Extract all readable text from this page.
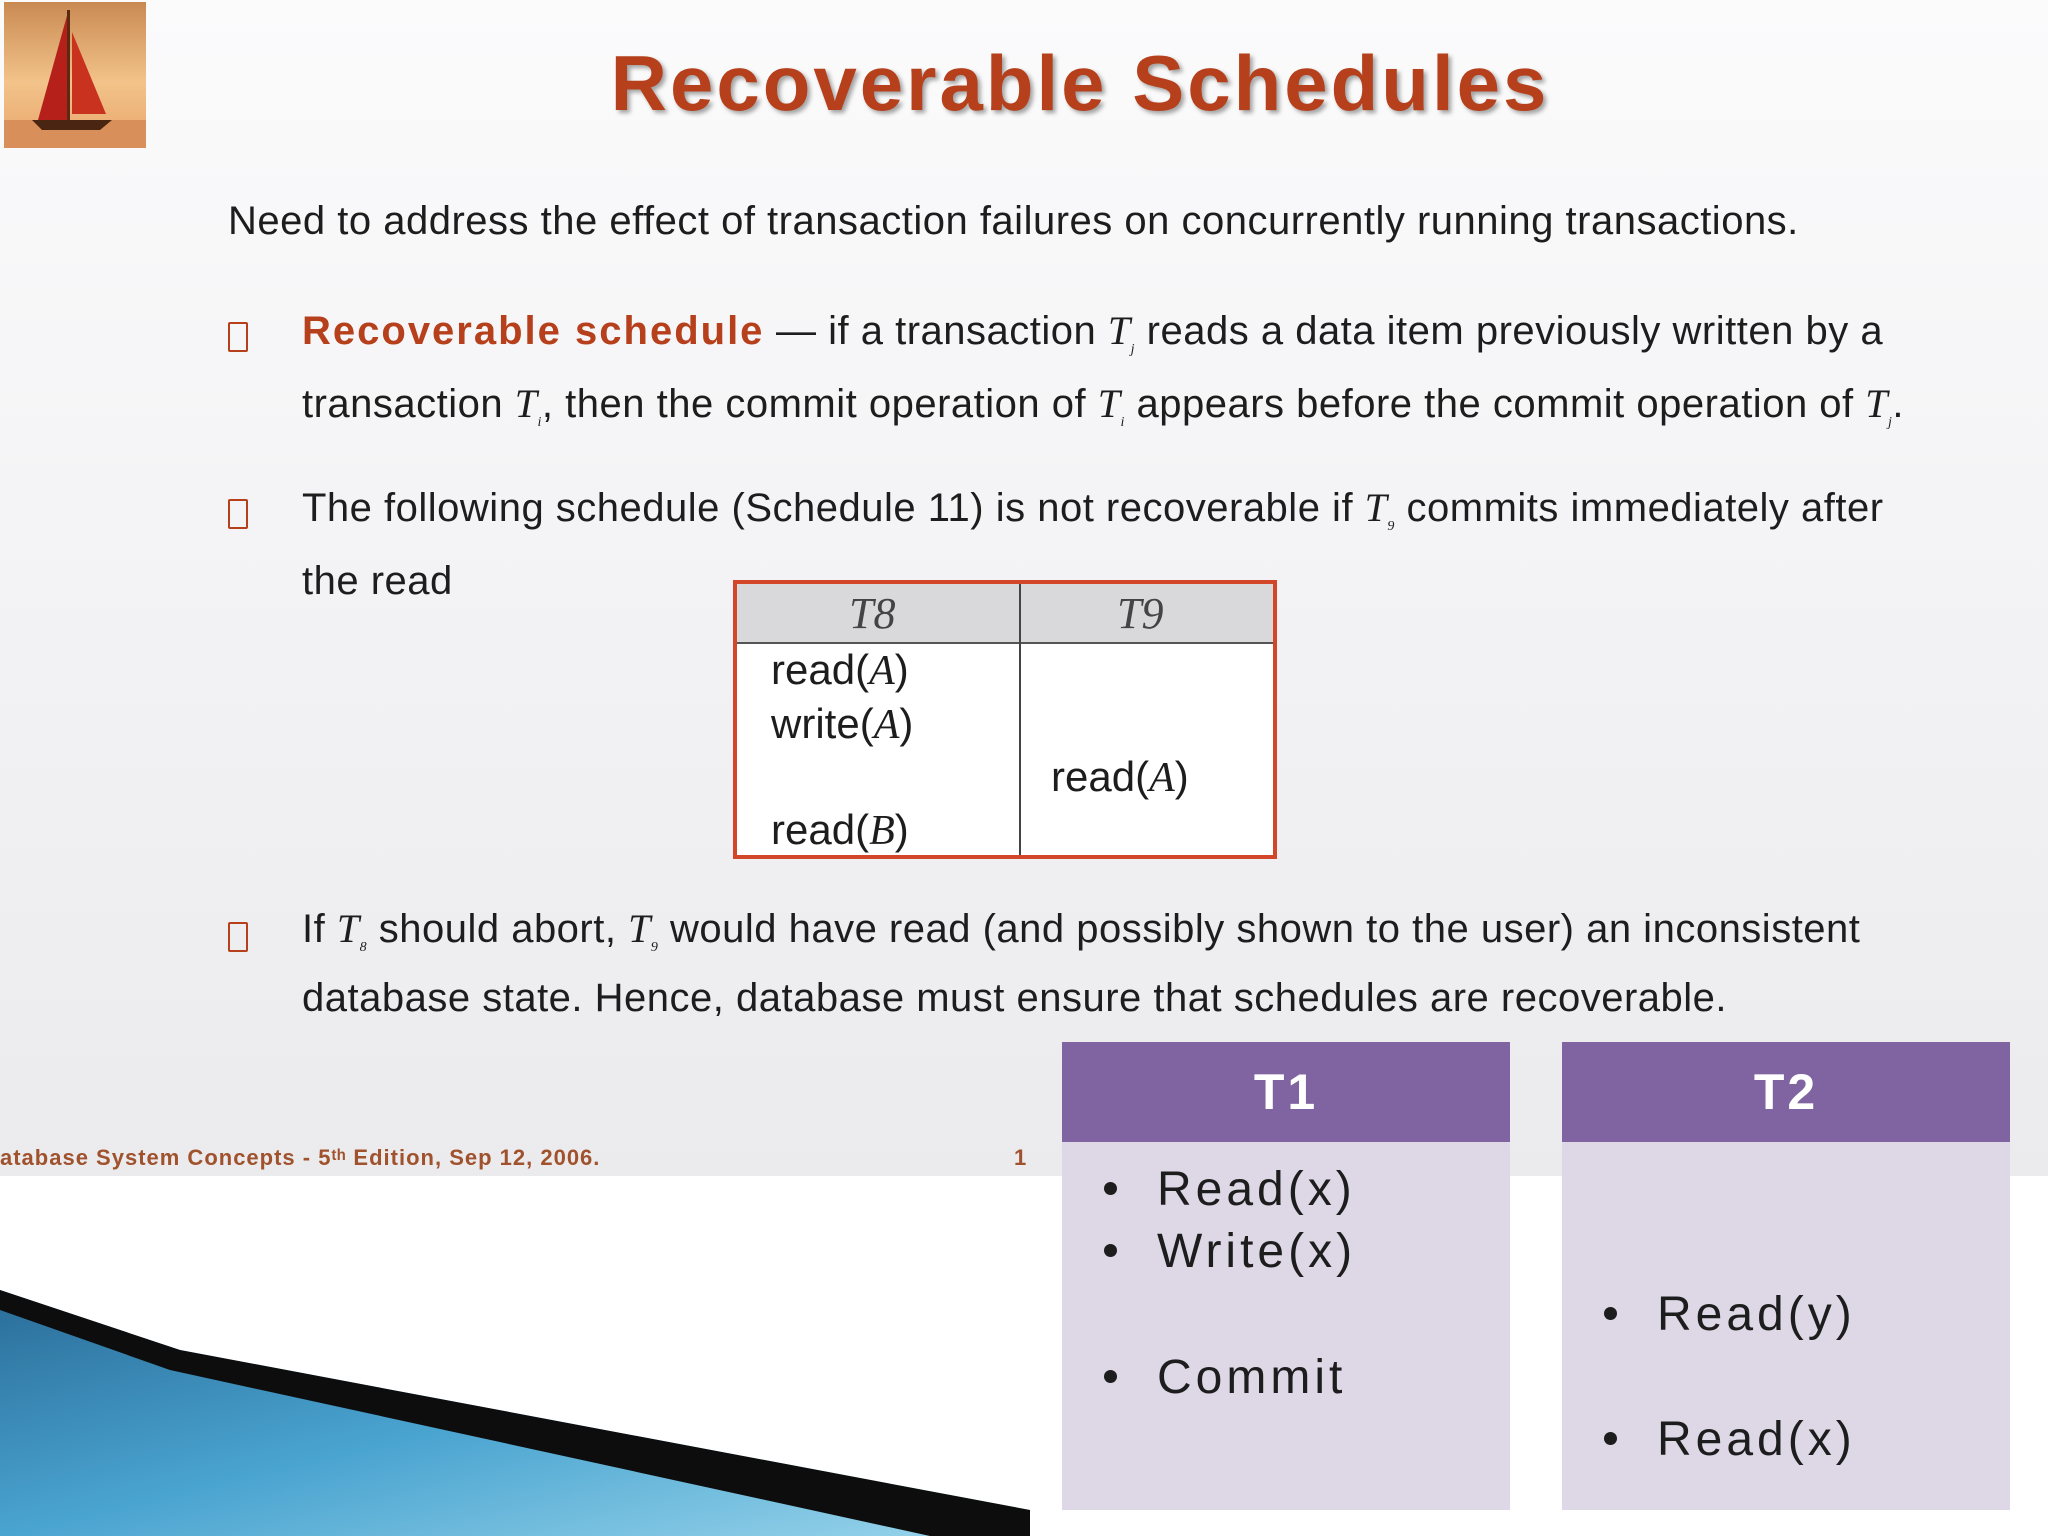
Recoverable Schedules
Need to address the effect of transaction failures on concurrently running transactions.
Recoverable schedule — if a transaction $T_j$ reads a data item previously written by a transaction $T_i$, then the commit operation of $T_i$ appears before the commit operation of $T_j$.
The following schedule (Schedule 11) is not recoverable if $T_9$ commits immediately after the read
T8	T9
read(A)
write(A)
read(A)
read(B)
If $T_8$ should abort, $T_9$ would have read (and possibly shown to the user) an inconsistent database state. Hence, database must ensure that schedules are recoverable.
atabase System Concepts - 5ᵗʰ Edition, Sep 12, 2006.	1
T1
Read(x)
Write(x)
Commit
T2
Read(y)
Read(x)
